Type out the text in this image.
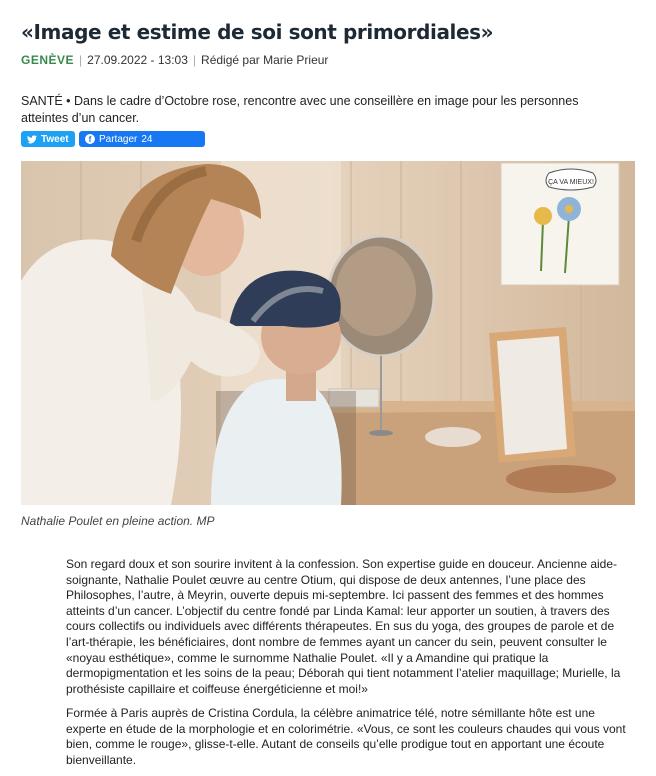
«Image et estime de soi sont primordiales»
GENÈVE | 27.09.2022 - 13:03 | Rédigé par Marie Prieur
SANTÉ • Dans le cadre d’Octobre rose, rencontre avec une conseillère en image pour les personnes atteintes d’un cancer.
Tweet	f Partager 24
ÇA VA MIEUX!
Nathalie Poulet en pleine action. MP

Son regard doux et son sourire invitent à la confession. Son expertise guide en douceur. Ancienne aide-soignante, Nathalie Poulet œuvre au centre Otium, qui dispose de deux antennes, l’une place des Philosophes, l’autre, à Meyrin, ouverte depuis mi-septembre. Ici passent des femmes et des hommes atteints d’un cancer. L’objectif du centre fondé par Linda Kamal: leur apporter un soutien, à travers des cours collectifs ou individuels avec différents thérapeutes. En sus du yoga, des groupes de parole et de l’art-thérapie, les bénéficiaires, dont nombre de femmes ayant un cancer du sein, peuvent consulter le «noyau esthétique», comme le surnomme Nathalie Poulet. «Il y a Amandine qui pratique la dermopigmentation et les soins de la peau; Déborah qui tient notamment l’atelier maquillage; Murielle, la prothésiste capillaire et coiffeuse énergéticienne et moi!»

Formée à Paris auprès de Cristina Cordula, la célèbre animatrice télé, notre sémillante hôte est une experte en étude de la morphologie et en colorimétrie. «Vous, ce sont les couleurs chaudes qui vous vont bien, comme le rouge», glisse-t-elle. Autant de conseils qu’elle prodigue tout en apportant une écoute bienveillante.
